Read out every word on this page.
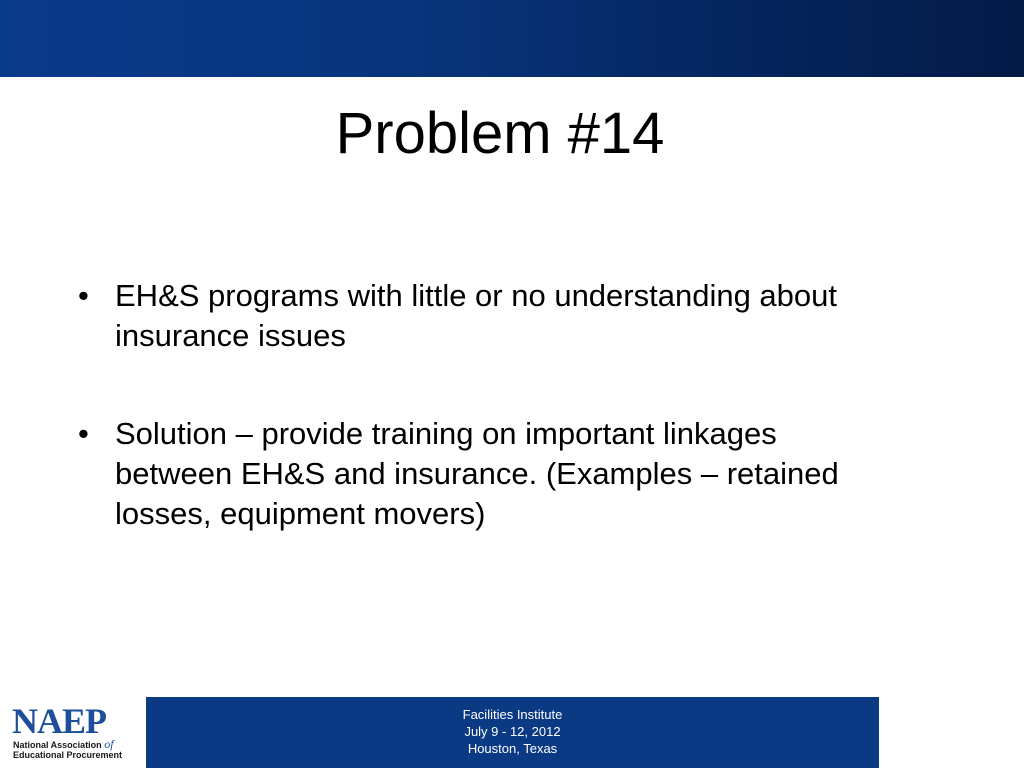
Problem #14
• EH&S programs with little or no understanding about
insurance issues
• Solution – provide training on important linkages
between EH&S and insurance. (Examples – retained
losses, equipment movers)
NAEP
National Association of
Educational Procurement
Facilities Institute
July 9 - 12, 2012
Houston, Texas
